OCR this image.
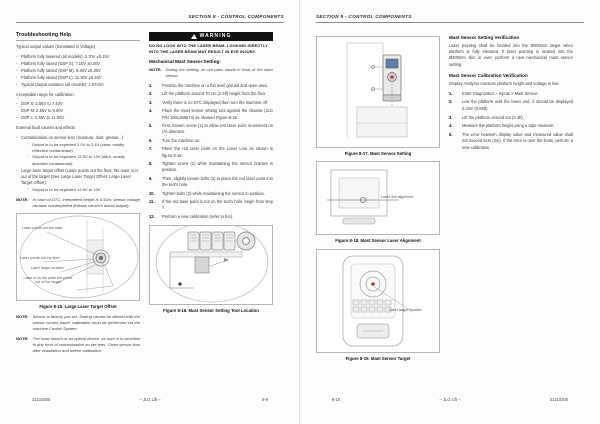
SECTION 8 - CONTROL COMPONENTS
Troubleshooting Help

Typical output values (translated in Voltage)

- Platform fully lowered (all models): 2.70V ±0.15V
- Platform fully raised (DSP S): 7.10V ±0.30V
- Platform fully raised (DSP M): 9.30V ±0.30V
- Platform fully raised (DSP L): 11.30V ±0.30V
- Typical Output variation (all models): 1.57V/m

Acceptable range for calibration:

- DSP S: 2.55V to 7.40V
- DSP M: 2.55V to 9.60V
- DSP L: 2.55V to 11.60V

External fault causes and effects

- Contamination on sensor lens (moisture, dust, grease...)
◦ Output is to be expected 2.0V to 2.4V (clear, mostly reflective contaminant)
◦ Output is to be expected 12.5V to 13V (dark, mostly absorber contaminant)
- Large laser target offset (Laser points out the floor, the mast or is out of the target (See Large Laser Target Offset: Large Laser Target Offset):
◦ Output is to be expected 12.5V to 13V
NOTE: In case of DTC, interpreted height is 4.53m; sensor voltage remains uninterpreted (follows sensor's actual output).
Laser points out the mast
Laser points out the floor
Laser target location
Laser is on the plate but points out of the target
Figure 8-15. Large Laser Target Offset
NOTE: Sensor is factory pre-set. Setting cannot be altered with the sensor control panel; calibration must be performed via the machine Control System.
NOTE: The mast sensor is an optical device, as such it is sensitive to any form of contamination on the lens. Clean sensor lens after installation and before calibration.
!
WARNING
DO NO LOOK INTO THE LASER BEAM. LOOKING DIRECTLY INTO THE LASER BEAM MAY RESULT IN EYE INJURY.
Mechanical Mast Sensor Setting:
NOTE: During the setting, do not pass hands in front of the laser sensor.
Position the machine on a flat level ground and open area.
Lift the platform around 70 cm (2.3ft) height from the floor.
Verify there is no DTC displayed then turn the machine off.
Place the mast sensor setting tool against the chassis (JLG P/N 1001285673) as showed Figure 8-16.
First, loosen screw (1) to allow red laser point movement on (A) direction.
Turn the machine on.
Place the red laser point on the Laser Line as shown in figure 8-18.
Tighten screw (1) while maintaining the sensor bracket in position.
Then, slightly loosen bolts (2) to place the red laser point into the tool's hole.
Tighten bolts (2) while maintaining the sensor in position.
If the red laser point is not on the tool's hole, begin from step 7.
Perform a new calibration (refer to 9.6).
Figure 8-16. Mast Sensor Setting Tool Location
31210300	– JLG Lift –	8-9
SECTION 8 - CONTROL COMPONENTS
Figure 8-17. Mast Sensor Setting
Laser line alignment
Figure 8-18. Mast Sensor Laser Alignment
Laser target location
Figure 8-19. Mast Sensor Target
Mast Sensor Setting Verification

Laser pointing shall be located into the Ø300mm target when platform is fully elevated. If laser pointing is located into the Ø400mm disc or over, perform a new mechanical mast sensor setting.

Mast Sensor Calibration Verification

Display Analyzer monitors platform height and voltage in live.

Enter Diagnostics > Inputs > Mast Sensor.
Low the platform until the lower end, it should be displayed 0.20m (0.66ft).
Lift the platform around 1m (3.3ft).
Measure the platform height using a tape measure.
The error between display value and measured value shall not exceed 5cm (2in). If the error is over the limits, perform a new calibration.
8-10	– JLG Lift –	31210300
